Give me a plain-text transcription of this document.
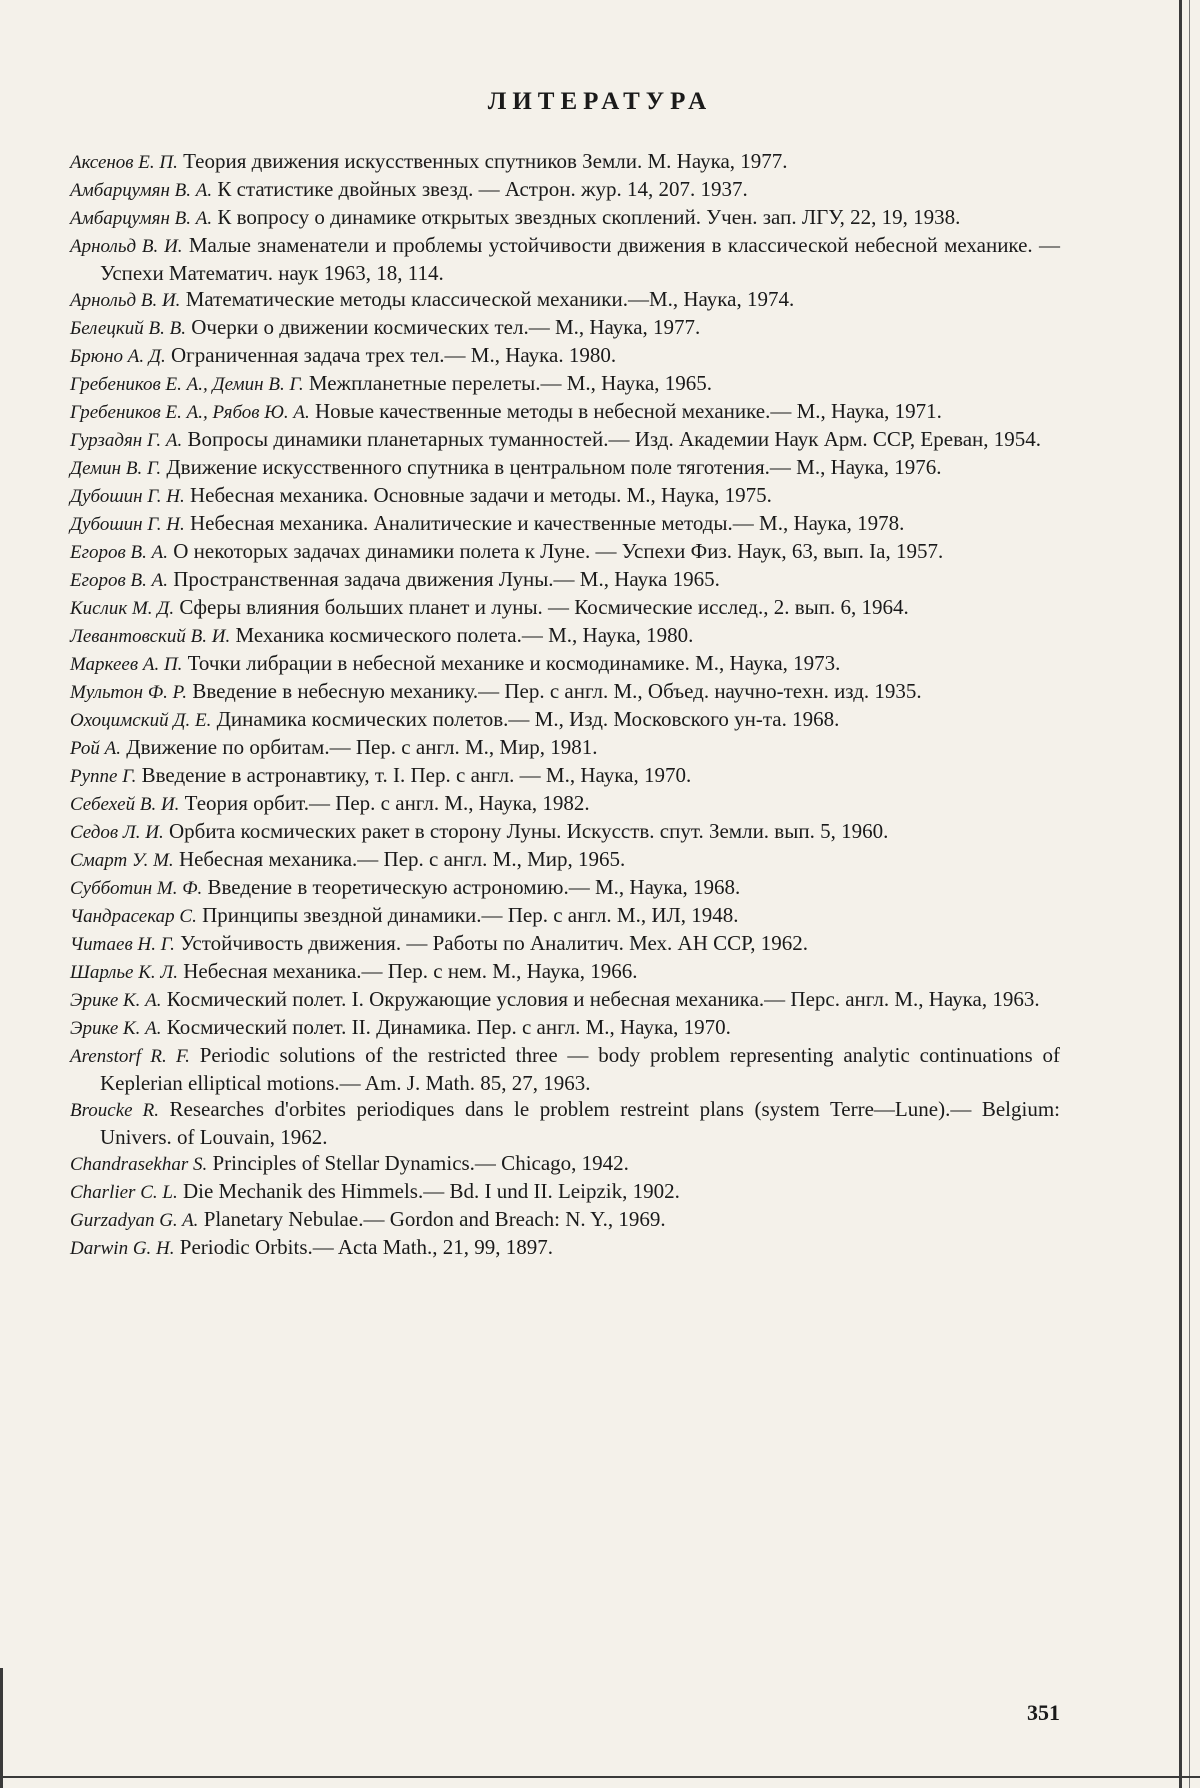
ЛИТЕРАТУРА

Аксенов Е. П. Теория движения искусственных спутников Земли. М. Наука, 1977.

Амбарцумян В. А. К статистике двойных звезд. — Астрон. жур. 14, 207. 1937.

Амбарцумян В. А. К вопросу о динамике открытых звездных скоплений. Учен. зап. ЛГУ, 22, 19, 1938.

Арнольд В. И. Малые знаменатели и проблемы устойчивости движения в классической небесной механике. — Успехи Математич. наук 1963, 18, 114.

Арнольд В. И. Математические методы классической механики.—М., Наука, 1974.

Белецкий В. В. Очерки о движении космических тел.— М., Наука, 1977.

Брюно А. Д. Ограниченная задача трех тел.— М., Наука. 1980.

Гребеников Е. А., Демин В. Г. Межпланетные перелеты.— М., Наука, 1965.

Гребеников Е. А., Рябов Ю. А. Новые качественные методы в небесной механике.— М., Наука, 1971.

Гурзадян Г. А. Вопросы динамики планетарных туманностей.— Изд. Академии Наук Арм. ССР, Ереван, 1954.

Демин В. Г. Движение искусственного спутника в центральном поле тяготения.— М., Наука, 1976.

Дубошин Г. Н. Небесная механика. Основные задачи и методы. М., Наука, 1975.

Дубошин Г. Н. Небесная механика. Аналитические и качественные методы.— М., Наука, 1978.

Егоров В. А. О некоторых задачах динамики полета к Луне. — Успехи Физ. Наук, 63, вып. Iа, 1957.

Егоров В. А. Пространственная задача движения Луны.— М., Наука 1965.

Кислик М. Д. Сферы влияния больших планет и луны. — Космические исслед., 2. вып. 6, 1964.

Левантовский В. И. Механика космического полета.— М., Наука, 1980.

Маркеев А. П. Точки либрации в небесной механике и космодинамике. М., Наука, 1973.

Мультон Ф. Р. Введение в небесную механику.— Пер. с англ. М., Объед. научно-техн. изд. 1935.

Охоцимский Д. Е. Динамика космических полетов.— М., Изд. Московского ун-та. 1968.

Рой А. Движение по орбитам.— Пер. с англ. М., Мир, 1981.

Руппе Г. Введение в астронавтику, т. I. Пер. с англ. — М., Наука, 1970.

Себехей В. И. Теория орбит.— Пер. с англ. М., Наука, 1982.

Седов Л. И. Орбита космических ракет в сторону Луны. Искусств. спут. Земли. вып. 5, 1960.

Смарт У. М. Небесная механика.— Пер. с англ. М., Мир, 1965.

Субботин М. Ф. Введение в теоретическую астрономию.— М., Наука, 1968.

Чандрасекар С. Принципы звездной динамики.— Пер. с англ. М., ИЛ, 1948.

Читаев Н. Г. Устойчивость движения. — Работы по Аналитич. Мех. АН ССР, 1962.

Шарлье К. Л. Небесная механика.— Пер. с нем. М., Наука, 1966.

Эрике К. А. Космический полет. I. Окружающие условия и небесная механика.— Перс. англ. М., Наука, 1963.

Эрике К. А. Космический полет. II. Динамика. Пер. с англ. М., Наука, 1970.

Arenstorf R. F. Periodic solutions of the restricted three — body problem representing analytic continuations of Keplerian elliptical motions.— Am. J. Math. 85, 27, 1963.

Broucke R. Researches d'orbites periodiques dans le problem restreint plans (system Terre—Lune).— Belgium: Univers. of Louvain, 1962.

Chandrasekhar S. Principles of Stellar Dynamics.— Chicago, 1942.

Charlier C. L. Die Mechanik des Himmels.— Bd. I und II. Leipzik, 1902.

Gurzadyan G. A. Planetary Nebulae.— Gordon and Breach: N. Y., 1969.

Darwin G. H. Periodic Orbits.— Acta Math., 21, 99, 1897.

351
